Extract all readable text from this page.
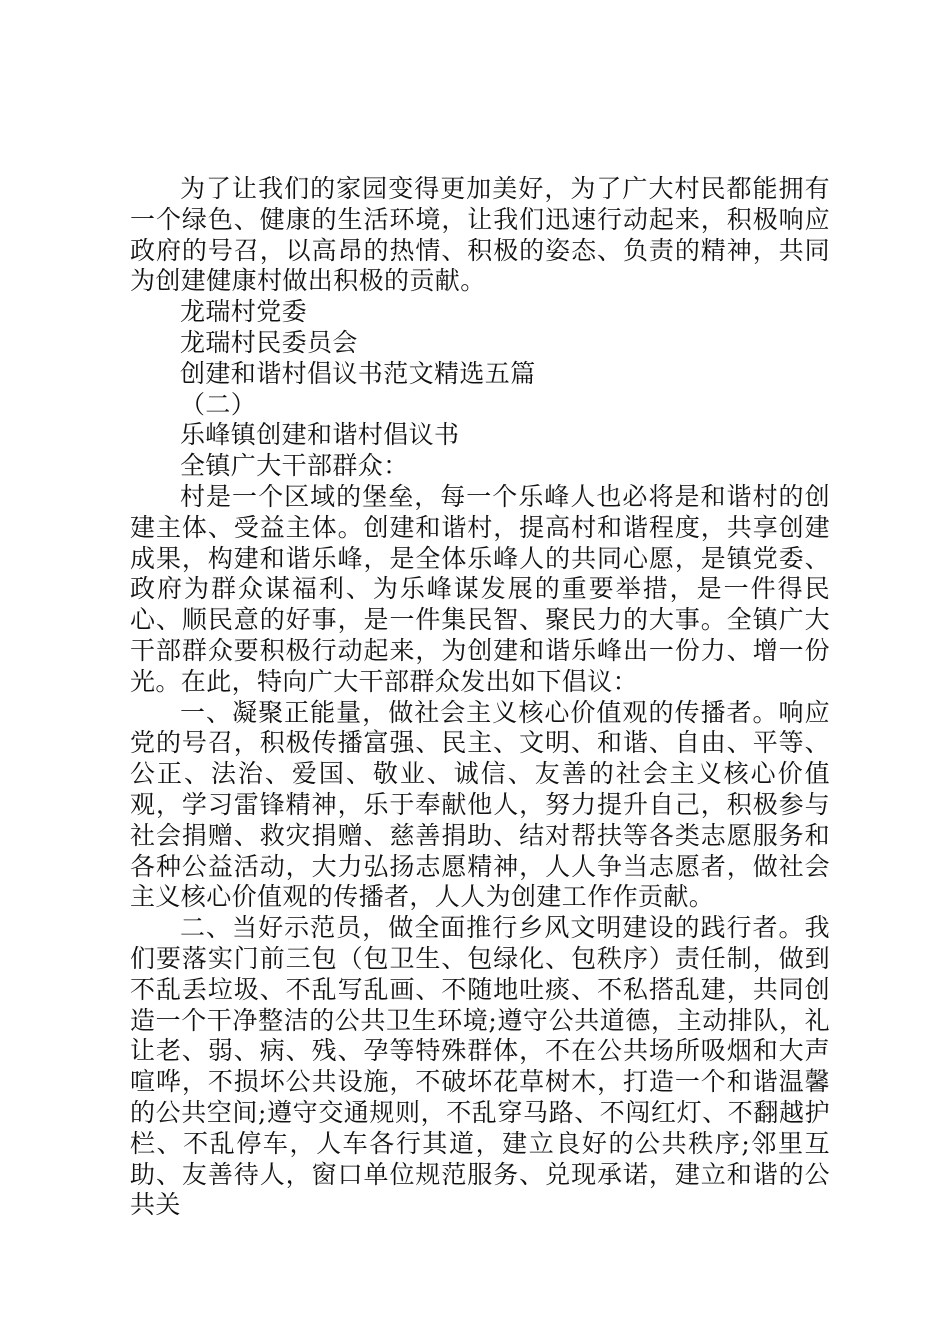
为了让我们的家园变得更加美好，为了广大村民都能拥有一个绿色、健康的生活环境，让我们迅速行动起来，积极响应政府的号召，以高昂的热情、积极的姿态、负责的精神，共同为创建健康村做出积极的贡献。

龙瑞村党委

龙瑞村民委员会

创建和谐村倡议书范文精选五篇

（二）

乐峰镇创建和谐村倡议书

全镇广大干部群众：

村是一个区域的堡垒，每一个乐峰人也必将是和谐村的创建主体、受益主体。创建和谐村，提高村和谐程度，共享创建成果，构建和谐乐峰，是全体乐峰人的共同心愿，是镇党委、政府为群众谋福利、为乐峰谋发展的重要举措，是一件得民心、顺民意的好事，是一件集民智、聚民力的大事。全镇广大干部群众要积极行动起来，为创建和谐乐峰出一份力、增一份光。在此，特向广大干部群众发出如下倡议：

一、凝聚正能量，做社会主义核心价值观的传播者。响应党的号召，积极传播富强、民主、文明、和谐、自由、平等、公正、法治、爱国、敬业、诚信、友善的社会主义核心价值观，学习雷锋精神，乐于奉献他人，努力提升自己，积极参与社会捐赠、救灾捐赠、慈善捐助、结对帮扶等各类志愿服务和各种公益活动，大力弘扬志愿精神，人人争当志愿者，做社会主义核心价值观的传播者，人人为创建工作作贡献。

二、当好示范员，做全面推行乡风文明建设的践行者。我们要落实门前三包（包卫生、包绿化、包秩序）责任制，做到不乱丢垃圾、不乱写乱画、不随地吐痰、不私搭乱建，共同创造一个干净整洁的公共卫生环境;遵守公共道德，主动排队，礼让老、弱、病、残、孕等特殊群体，不在公共场所吸烟和大声喧哗，不损坏公共设施，不破坏花草树木，打造一个和谐温馨的公共空间;遵守交通规则，不乱穿马路、不闯红灯、不翻越护栏、不乱停车，人车各行其道，建立良好的公共秩序;邻里互助、友善待人，窗口单位规范服务、兑现承诺，建立和谐的公共关
